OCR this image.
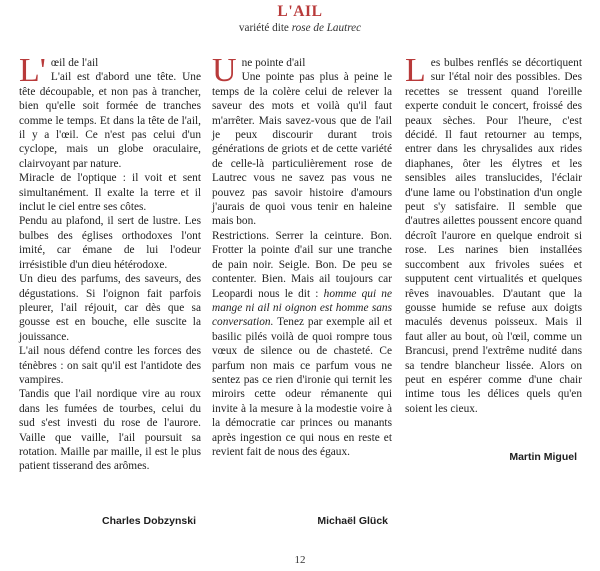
L'AIL
variété dite rose de Lautrec
L' œil de l'ail

L'ail est d'abord une tête. Une tête découpable, et non pas à trancher, bien qu'elle soit formée de tranches comme le temps. Et dans la tête de l'ail, il y a l'œil. Ce n'est pas celui d'un cyclope, mais un globe oraculaire, clairvoyant par nature.

Miracle de l'optique : il voit et sent simultanément. Il exalte la terre et il inclut le ciel entre ses côtes.

Pendu au plafond, il sert de lustre. Les bulbes des églises orthodoxes l'ont imité, car émane de lui l'odeur irrésistible d'un dieu hétérodoxe.

Un dieu des parfums, des saveurs, des dégustations. Si l'oignon fait parfois pleurer, l'ail réjouit, car dès que sa gousse est en bouche, elle suscite la jouissance.

L'ail nous défend contre les forces des ténèbres : on sait qu'il est l'antidote des vampires.

Tandis que l'ail nordique vire au roux dans les fumées de tourbes, celui du sud s'est investi du rose de l'aurore. Vaille que vaille, l'ail poursuit sa rotation. Maille par maille, il est le plus patient tisserand des arômes.

U ne pointe d'ail

Une pointe pas plus à peine le temps de la colère celui de relever la saveur des mots et voilà qu'il faut m'arrêter. Mais savez-vous que de l'ail je peux discourir durant trois générations de griots et de cette variété de celle-là particulièrement rose de Lautrec vous ne savez pas vous ne pouvez pas savoir histoire d'amours j'aurais de quoi vous tenir en haleine mais bon.

Restrictions. Serrer la ceinture. Bon. Frotter la pointe d'ail sur une tranche de pain noir. Seigle. Bon. De peu se contenter. Bien. Mais ail toujours car Leopardi nous le dit : homme qui ne mange ni ail ni oignon est homme sans conversation. Tenez par exemple ail et basilic pilés voilà de quoi rompre tous vœux de silence ou de chasteté. Ce parfum non mais ce parfum vous ne sentez pas ce rien d'ironie qui ternit les miroirs cette odeur rémanente qui invite à la mesure à la modestie voire à la démocratie car princes ou manants après ingestion ce qui nous en reste et revient fait de nous des égaux.

L es bulbes renflés se décortiquent sur l'étal noir des possibles. Des recettes se tressent quand l'oreille experte conduit le concert, froissé des peaux sèches. Pour l'heure, c'est décidé. Il faut retourner au temps, entrer dans les chrysalides aux rides diaphanes, ôter les élytres et les sensibles ailes translucides, l'éclair d'une lame ou l'obstination d'un ongle peut s'y satisfaire. Il semble que d'autres ailettes poussent encore quand décroît l'aurore en quelque endroit si rose. Les narines bien installées succombent aux frivoles suées et supputent cent virtualités et quelques rêves inavouables. D'autant que la gousse humide se refuse aux doigts maculés devenus poisseux. Mais il faut aller au bout, où l'œil, comme un Brancusi, prend l'extrême nudité dans sa tendre blancheur lissée. Alors on peut en espérer comme d'une chair intime tous les délices quels qu'en soient les cieux.

Charles Dobzynski	Michaël Glück
Martin Miguel
12
